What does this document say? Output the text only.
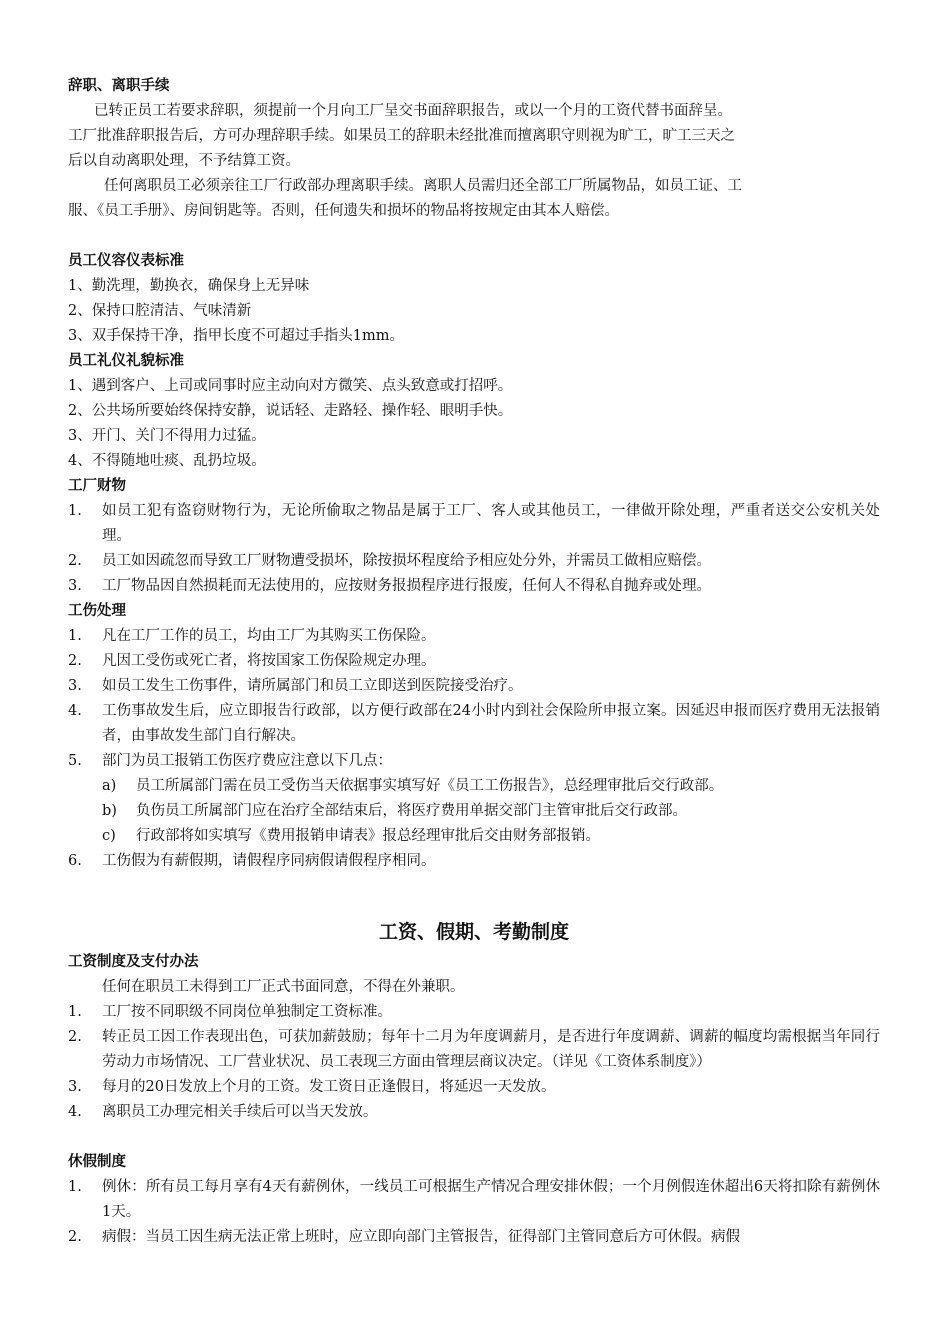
辞职、离职手续
已转正员工若要求辞职，须提前一个月向工厂呈交书面辞职报告，或以一个月的工资代替书面辞呈。
工厂批准辞职报告后，方可办理辞职手续。如果员工的辞职未经批准而擅离职守则视为旷工，旷工三天之
后以自动离职处理，不予结算工资。
任何离职员工必须亲往工厂行政部办理离职手续。离职人员需归还全部工厂所属物品，如员工证、工
服、《员工手册》、房间钥匙等。否则，任何遗失和损坏的物品将按规定由其本人赔偿。
员工仪容仪表标准
1、勤洗理，勤换衣，确保身上无异味
2、保持口腔清洁、气味清新
3、双手保持干净，指甲长度不可超过手指头1mm。
员工礼仪礼貌标准
1、遇到客户、上司或同事时应主动向对方微笑、点头致意或打招呼。
2、公共场所要始终保持安静，说话轻、走路轻、操作轻、眼明手快。
3、开门、关门不得用力过猛。
4、不得随地吐痰、乱扔垃圾。
工厂财物
1.	如员工犯有盗窃财物行为，无论所偷取之物品是属于工厂、客人或其他员工，一律做开除处理，严重者送交公安机关处理。
2.	员工如因疏忽而导致工厂财物遭受损坏，除按损坏程度给予相应处分外，并需员工做相应赔偿。
3.	工厂物品因自然损耗而无法使用的，应按财务报损程序进行报废，任何人不得私自抛弃或处理。
工伤处理
1.	凡在工厂工作的员工，均由工厂为其购买工伤保险。
2.	凡因工受伤或死亡者，将按国家工伤保险规定办理。
3.	如员工发生工伤事件，请所属部门和员工立即送到医院接受治疗。
4.	工伤事故发生后，应立即报告行政部，以方便行政部在24小时内到社会保险所申报立案。因延迟申报而医疗费用无法报销者，由事故发生部门自行解决。
5.	部门为员工报销工伤医疗费应注意以下几点：
a)	员工所属部门需在员工受伤当天依据事实填写好《员工工伤报告》，总经理审批后交行政部。
b)	负伤员工所属部门应在治疗全部结束后，将医疗费用单据交部门主管审批后交行政部。
c)	行政部将如实填写《费用报销申请表》报总经理审批后交由财务部报销。
6.	工伤假为有薪假期，请假程序同病假请假程序相同。
工资、假期、考勤制度
工资制度及支付办法
任何在职员工未得到工厂正式书面同意，不得在外兼职。
1.	工厂按不同职级不同岗位单独制定工资标准。
2.	转正员工因工作表现出色，可获加薪鼓励；每年十二月为年度调薪月，是否进行年度调薪、调薪的幅度均需根据当年同行劳动力市场情况、工厂营业状况、员工表现三方面由管理层商议决定。（详见《工资体系制度》）
3.	每月的20日发放上个月的工资。发工资日正逢假日，将延迟一天发放。
4.	离职员工办理完相关手续后可以当天发放。
休假制度
1.	例休：所有员工每月享有4天有薪例休，一线员工可根据生产情况合理安排休假；一个月例假连休超出6天将扣除有薪例休1天。
2.	病假：当员工因生病无法正常上班时，应立即向部门主管报告，征得部门主管同意后方可休假。病假
